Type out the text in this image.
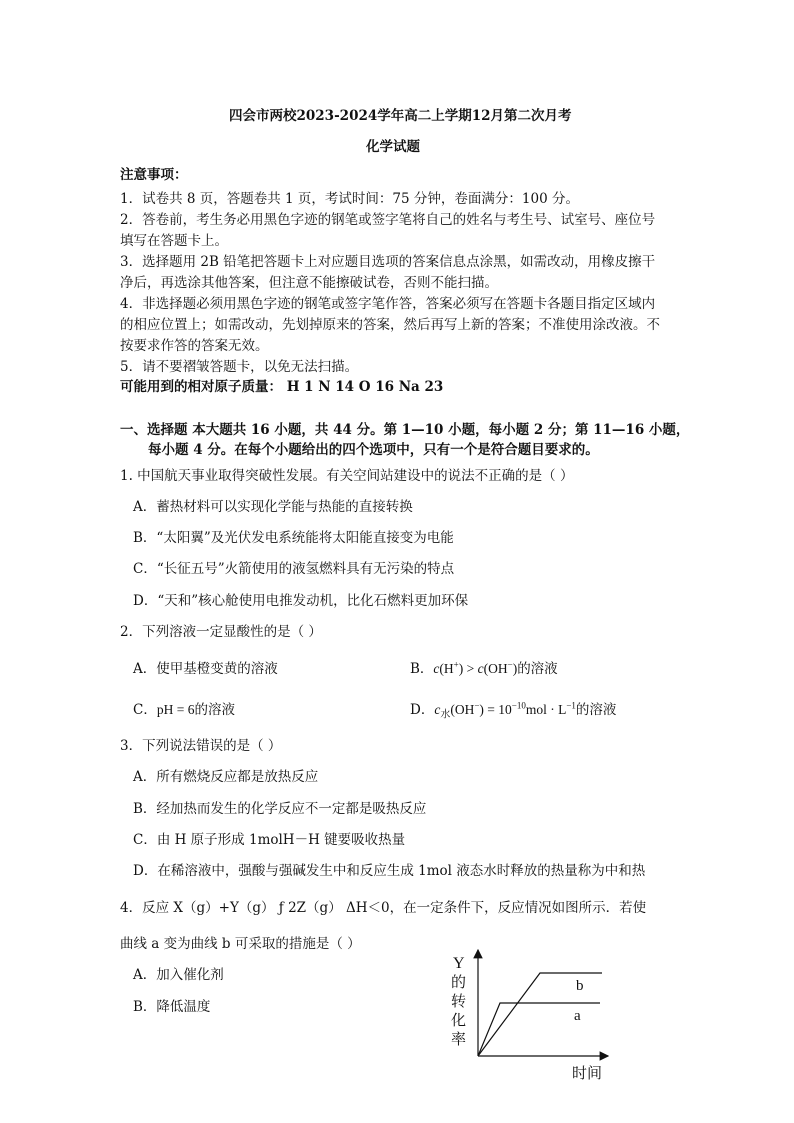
四会市两校2023-2024学年高二上学期12月第二次月考
化学试题
注意事项：
1．试卷共 8 页，答题卷共 1 页，考试时间：75 分钟，卷面满分：100 分。
2．答卷前，考生务必用黑色字迹的钢笔或签字笔将自己的姓名与考生号、试室号、座位号
填写在答题卡上。
3．选择题用 2B 铅笔把答题卡上对应题目选项的答案信息点涂黑，如需改动，用橡皮擦干
净后，再选涂其他答案，但注意不能擦破试卷，否则不能扫描。
4．非选择题必须用黑色字迹的钢笔或签字笔作答，答案必须写在答题卡各题目指定区域内
的相应位置上；如需改动，先划掉原来的答案，然后再写上新的答案；不准使用涂改液。不
按要求作答的答案无效。
5．请不要褶皱答题卡，以免无法扫描。
可能用到的相对原子质量： H 1 N 14 O 16 Na 23
一、选择题 本大题共 16 小题，共 44 分。第 1—10 小题，每小题 2 分；第 11—16 小题，
每小题 4 分。在每个小题给出的四个选项中，只有一个是符合题目要求的。
1. 中国航天事业取得突破性发展。有关空间站建设中的说法不正确的是（ ）
A．蓄热材料可以实现化学能与热能的直接转换
B．“太阳翼”及光伏发电系统能将太阳能直接变为电能
C．“长征五号”火箭使用的液氢燃料具有无污染的特点
D．“天和”核心舱使用电推发动机，比化石燃料更加环保
2．下列溶液一定显酸性的是（ ）
A．使甲基橙变黄的溶液	B．c(H+) > c(OH−)的溶液
C．pH = 6的溶液	D．$c_水(OH^-) = 10^{-10}mol \cdot L^{-1}$的溶液
3．下列说法错误的是（ ）
A．所有燃烧反应都是放热反应
B．经加热而发生的化学反应不一定都是吸热反应
C．由 H 原子形成 1molH－H 键要吸收热量
D．在稀溶液中，强酸与强碱发生中和反应生成 1mol 液态水时释放的热量称为中和热
4．反应 X（g）+Y（g） ƒ 2Z（g） ΔH＜0，在一定条件下，反应情况如图所示．若使
曲线 a 变为曲线 b 可采取的措施是（ ）
A．加入催化剂
B．降低温度
b
a
Y
的
转
化
率
时间
